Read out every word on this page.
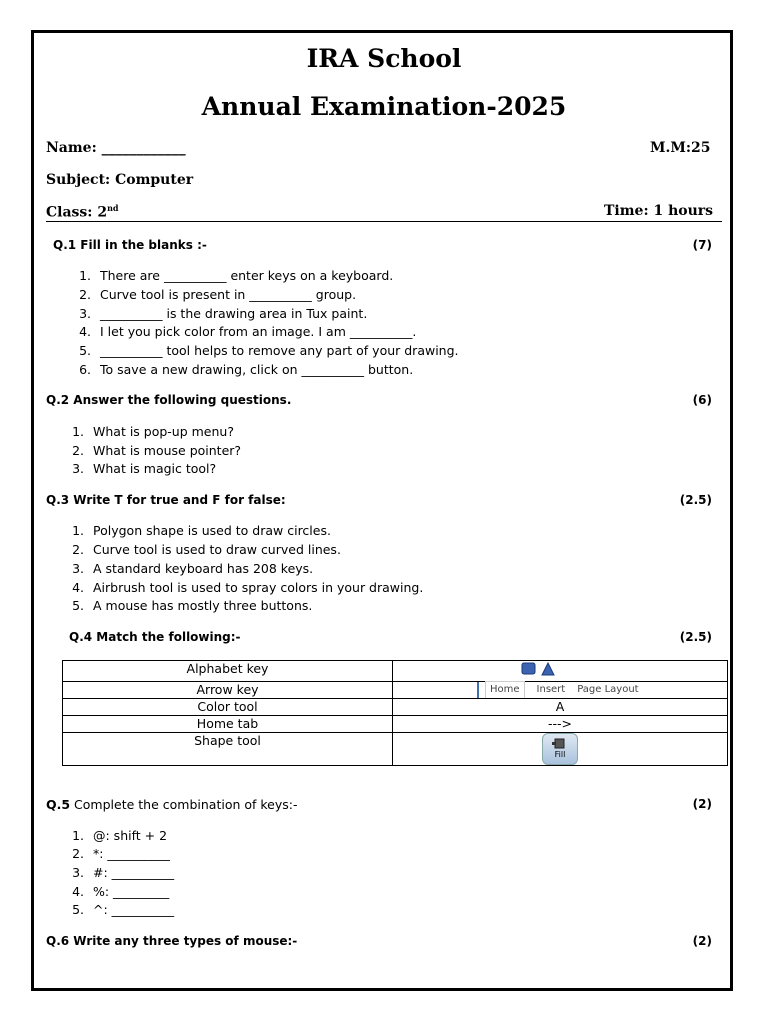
IRA School
Annual Examination-2025
Name: ____________	M.M:25
Subject: Computer
Class: 2nd	Time: 1 hours
Q.1 Fill in the blanks :-	(7)
1. There are __________ enter keys on a keyboard.
2. Curve tool is present in __________ group.
3. __________ is the drawing area in Tux paint.
4. I let you pick color from an image. I am __________.
5. __________ tool helps to remove any part of your drawing.
6. To save a new drawing, click on __________ button.
Q.2 Answer the following questions.	(6)
1. What is pop-up menu?
2. What is mouse pointer?
3. What is magic tool?
Q.3 Write T for true and F for false:	(2.5)
1. Polygon shape is used to draw circles.
2. Curve tool is used to draw curved lines.
3. A standard keyboard has 208 keys.
4. Airbrush tool is used to spray colors in your drawing.
5. A mouse has mostly three buttons.
Q.4 Match the following:-	(2.5)
Alphabet key	
Arrow key	Home Insert Page Layout

Color tool	A
Home tab	--->
Shape tool	Fill
Q.5 Complete the combination of keys:-	(2)
1. @: shift + 2
2. *: __________
3. #: __________
4. %: _________
5. ^: __________
Q.6 Write any three types of mouse:-	(2)
